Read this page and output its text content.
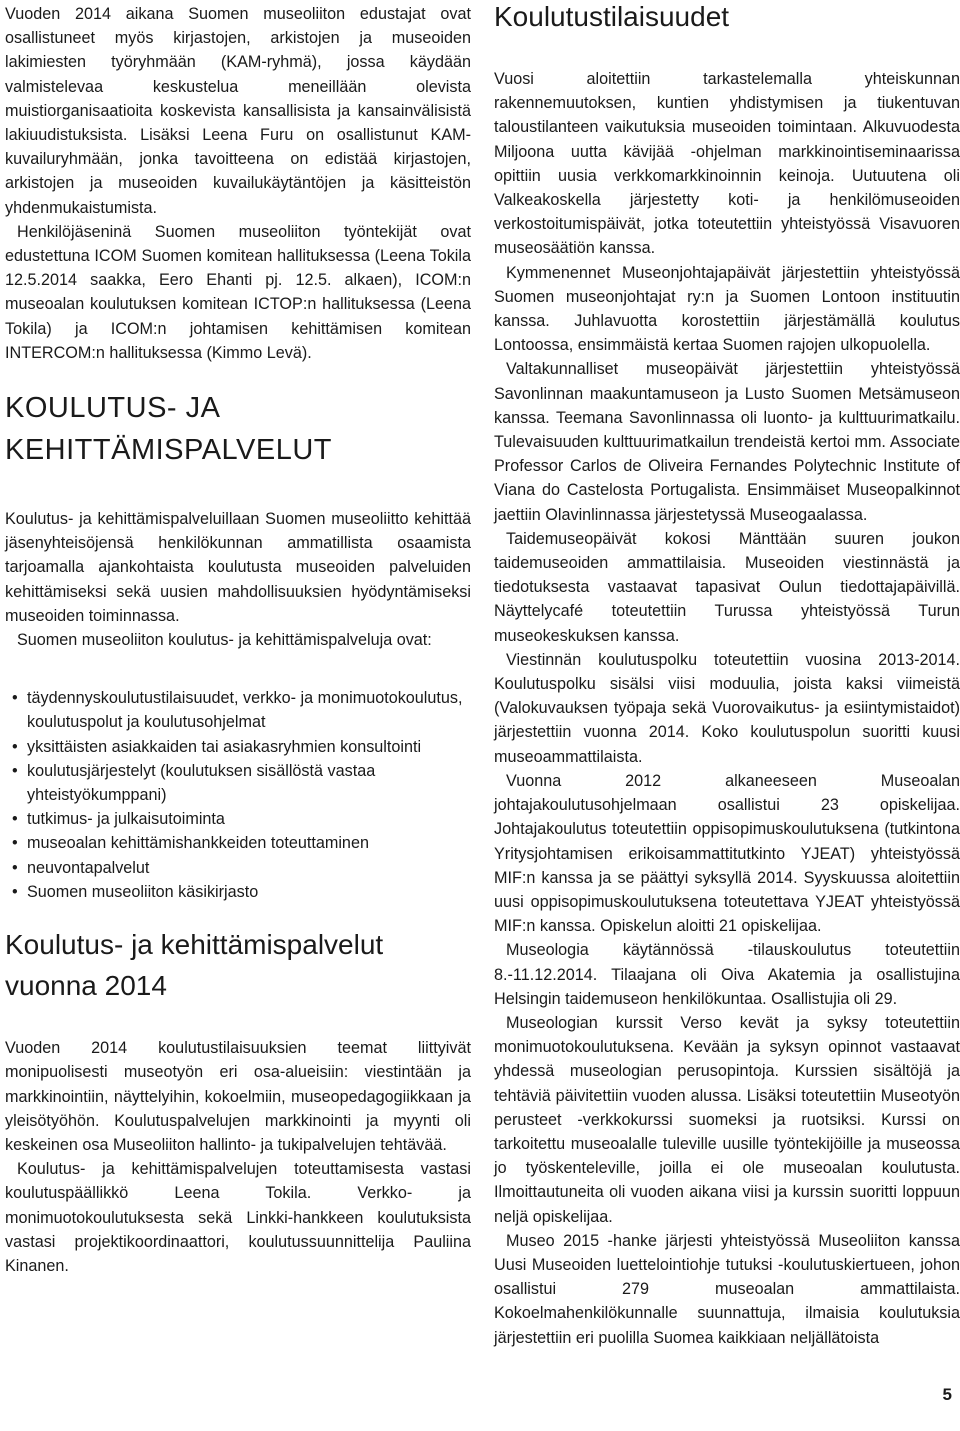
Vuoden 2014 aikana Suomen museoliiton edustajat ovat osallistuneet myös kirjastojen, arkistojen ja museoiden lakimiesten työryhmään (KAM-ryhmä), jossa käydään valmistelevaa keskustelua meneillään olevista muistiorganisaatioita koskevista kansallisista ja kansainvälisistä lakiuudistuksista. Lisäksi Leena Furu on osallistunut KAM-kuvailuryhmään, jonka tavoitteena on edistää kirjastojen, arkistojen ja museoiden kuvailukäytäntöjen ja käsitteistön yhdenmukaistumista.

Henkilöjäseninä Suomen museoliiton työntekijät ovat edustettuna ICOM Suomen komitean hallituksessa (Leena Tokila 12.5.2014 saakka, Eero Ehanti pj. 12.5. alkaen), ICOM:n museoalan koulutuksen komitean ICTOP:n hallituksessa (Leena Tokila) ja ICOM:n johtamisen kehittämisen komitean INTERCOM:n hallituksessa (Kimmo Levä).

KOULUTUS- JA KEHITTÄMISPALVELUT

Koulutus- ja kehittämispalveluillaan Suomen museoliitto kehittää jäsenyhteisöjensä henkilökunnan ammatillista osaamista tarjoamalla ajankohtaista koulutusta museoiden palveluiden kehittämiseksi sekä uusien mahdollisuuksien hyödyntämiseksi museoiden toiminnassa.

Suomen museoliiton koulutus- ja kehittämispalveluja ovat:

• täydennyskoulutustilaisuudet, verkko- ja monimuotokoulutus, koulutuspolut ja koulutusohjelmat
• yksittäisten asiakkaiden tai asiakasryhmien konsultointi
• koulutusjärjestelyt (koulutuksen sisällöstä vastaa yhteistyökumppani)
• tutkimus- ja julkaisutoiminta
• museoalan kehittämishankkeiden toteuttaminen
• neuvontapalvelut
• Suomen museoliiton käsikirjasto
Koulutus- ja kehittämispalvelut vuonna 2014

Vuoden 2014 koulutustilaisuuksien teemat liittyivät monipuolisesti museotyön eri osa-alueisiin: viestintään ja markkinointiin, näyttelyihin, kokoelmiin, museopedagogiikkaan ja yleisötyöhön. Koulutuspalvelujen markkinointi ja myynti oli keskeinen osa Museoliiton hallinto- ja tukipalvelujen tehtävää.

Koulutus- ja kehittämispalvelujen toteuttamisesta vastasi koulutuspäällikkö Leena Tokila. Verkko- ja monimuotokoulutuksesta sekä Linkki-hankkeen koulutuksista vastasi projektikoordinaattori, koulutussuunnittelija Pauliina Kinanen.

Koulutustilaisuudet

Vuosi aloitettiin tarkastelemalla yhteiskunnan rakennemuutoksen, kuntien yhdistymisen ja tiukentuvan taloustilanteen vaikutuksia museoiden toimintaan. Alkuvuodesta Miljoona uutta kävijää -ohjelman markkinointiseminaarissa opittiin uusia verkkomarkkinoinnin keinoja. Uutuutena oli Valkeakoskella järjestetty koti- ja henkilömuseoiden verkostoitumispäivät, jotka toteutettiin yhteistyössä Visavuoren museosäätiön kanssa.

Kymmenennet Museonjohtajapäivät järjestettiin yhteistyössä Suomen museonjohtajat ry:n ja Suomen Lontoon instituutin kanssa. Juhlavuotta korostettiin järjestämällä koulutus Lontoossa, ensimmäistä kertaa Suomen rajojen ulkopuolella.

Valtakunnalliset museopäivät järjestettiin yhteistyössä Savonlinnan maakuntamuseon ja Lusto Suomen Metsämuseon kanssa. Teemana Savonlinnassa oli luonto- ja kulttuurimatkailu. Tulevaisuuden kulttuurimatkailun trendeistä kertoi mm. Associate Professor Carlos de Oliveira Fernandes Polytechnic Institute of Viana do Castelosta Portugalista. Ensimmäiset Museopalkinnot jaettiin Olavinlinnassa järjestetyssä Museogaalassa.

Taidemuseopäivät kokosi Mänttään suuren joukon taidemuseoiden ammattilaisia. Museoiden viestinnästä ja tiedotuksesta vastaavat tapasivat Oulun tiedottajapäivillä. Näyttelycafé toteutettiin Turussa yhteistyössä Turun museokeskuksen kanssa.

Viestinnän koulutuspolku toteutettiin vuosina 2013-2014. Koulutuspolku sisälsi viisi moduulia, joista kaksi viimeistä (Valokuvauksen työpaja sekä Vuorovaikutus- ja esiintymistaidot) järjestettiin vuonna 2014. Koko koulutuspolun suoritti kuusi museoammattilaista.

Vuonna 2012 alkaneeseen Museoalan johtajakoulutusohjelmaan osallistui 23 opiskelijaa. Johtajakoulutus toteutettiin oppisopimuskoulutuksena (tutkintona Yritysjohtamisen erikoisammattitutkinto YJEAT) yhteistyössä MIF:n kanssa ja se päättyi syksyllä 2014. Syyskuussa aloitettiin uusi oppisopimuskoulutuksena toteutettava YJEAT yhteistyössä MIF:n kanssa. Opiskelun aloitti 21 opiskelijaa.

Museologia käytännössä -tilauskoulutus toteutettiin 8.-11.12.2014. Tilaajana oli Oiva Akatemia ja osallistujina Helsingin taidemuseon henkilökuntaa. Osallistujia oli 29.

Museologian kurssit Verso kevät ja syksy toteutettiin monimuotokoulutuksena. Kevään ja syksyn opinnot vastaavat yhdessä museologian perusopintoja. Kurssien sisältöjä ja tehtäviä päivitettiin vuoden alussa. Lisäksi toteutettiin Museotyön perusteet -verkkokurssi suomeksi ja ruotsiksi. Kurssi on tarkoitettu museoalalle tuleville uusille työntekijöille ja museossa jo työskenteleville, joilla ei ole museoalan koulutusta. Ilmoittautuneita oli vuoden aikana viisi ja kurssin suoritti loppuun neljä opiskelijaa.

Museo 2015 -hanke järjesti yhteistyössä Museoliiton kanssa Uusi Museoiden luettelointiohje tutuksi -koulutuskiertueen, johon osallistui 279 museoalan ammattilaista. Kokoelmahenkilökunnalle suunnattuja, ilmaisia koulutuksia järjestettiin eri puolilla Suomea kaikkiaan neljällätoista

5
